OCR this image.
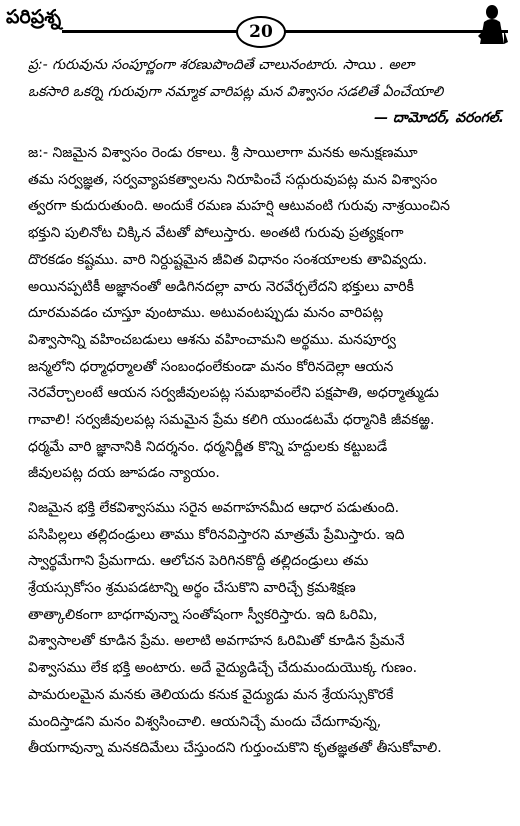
పరిప్రశ్న
20
ప్ర:- గురువును సంపూర్ణంగా శరణుపొందితే చాలునంటారు. సాయి . అలా
ఒకసారి ఒకర్ని గురువుగా నమ్మాక వారిపట్ల మన విశ్వాసం సడలితే ఏంచేయాలి
— దామోదర్, వరంగల్.
జ:- నిజమైన విశ్వాసం రెండు రకాలు. శ్రీ సాయిలాగా మనకు అనుక్షణమూ
తమ సర్వజ్ఞత, సర్వవ్యాపకత్వాలను నిరూపించే సద్గురువుపట్ల మన విశ్వాసం
త్వరగా కుదురుతుంది. అందుకే రమణ మహర్షి ఆటువంటి గురువు నాశ్రయించిన
భక్తుని పులినోట చిక్కిన వేటతో పోలుస్తారు. అంతటి గురువు ప్రత్యక్షంగా
దొరకడం కష్టము. వారి నిర్దుష్టమైన జీవిత విధానం సంశయాలకు తావివ్వదు.
అయినప్పటికీ అజ్ఞానంతో అడిగినదల్లా వారు నెరవేర్చలేదని భక్తులు వారికీ
దూరమవడం చూస్తూ వుంటాము. అటువంటప్పుడు మనం వారిపట్ల
విశ్వాసాన్ని వహించబడులు ఆశను వహించామని అర్థము. మనపూర్వ
జన్మలోని ధర్మాధర్మాలతో సంబంధంలేకుండా మనం కోరినదెల్లా ఆయన
నెరవేర్చాలంటే ఆయన సర్వజీవులపట్ల సమభావంలేని పక్షపాతి, అధర్మాత్ముడు
గావాలి! సర్వజీవులపట్ల సమమైన ప్రేమ కలిగి యుండటమే ధర్మానికి జీవకఱ్ఱ.
ధర్మమే వారి జ్ఞానానికి నిదర్శనం. ధర్మనిర్ణీత కొన్ని హద్దులకు కట్టుబడే
జీవులపట్ల దయ జూపడం న్యాయం.
నిజమైన భక్తి లేకవిశ్వాసము సరైన అవగాహనమీద ఆధార పడుతుంది.
పసిపిల్లలు తల్లిదండ్రులు తాము కోరినవిస్తారని మాత్రమే ప్రేమిస్తారు. ఇది
స్వార్థమేగాని ప్రేమగాదు. ఆలోచన పెరిగినకొద్దీ తల్లిదండ్రులు తమ
శ్రేయస్సుకోసం శ్రమపడటాన్ని అర్థం చేసుకొని వారిచ్చే క్రమశిక్షణ
తాత్కాలికంగా బాధగావున్నా సంతోషంగా స్వీకరిస్తారు. ఇది ఓరిమి,
విశ్వాసాలతో కూడిన ప్రేమ. అలాటి అవగాహన ఓరిమితో కూడిన ప్రేమనే
విశ్వాసము లేక భక్తి అంటారు. అదే వైద్యుడిచ్చే చేదుమందుయొక్క గుణం.
పామరులమైన మనకు తెలియదు కనుక వైద్యుడు మన శ్రేయస్సుకొరకే
మందిస్తాడని మనం విశ్వసించాలి. ఆయనిచ్చే మందు చేదుగావున్న,
తీయగావున్నా మనకదిమేలు చేస్తుందని గుర్తుంచుకొని కృతజ్ఞతతో తీసుకోవాలి.
